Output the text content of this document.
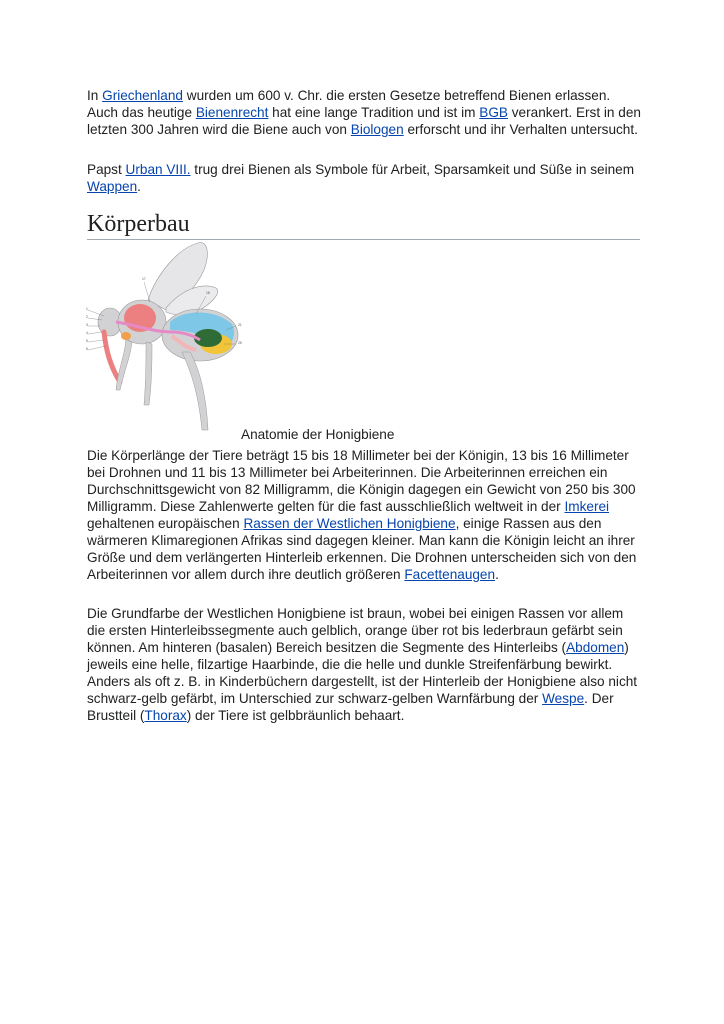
In Griechenland wurden um 600 v. Chr. die ersten Gesetze betreffend Bienen erlassen. Auch das heutige Bienenrecht hat eine lange Tradition und ist im BGB verankert. Erst in den letzten 300 Jahren wird die Biene auch von Biologen erforscht und ihr Verhalten untersucht.

Papst Urban VIII. trug drei Bienen als Symbole für Arbeit, Sparsamkeit und Süße in seinem Wappen.

Körperbau
1
2
3
4
5
6
17
18
21
25
Anatomie der Honigbiene

Die Körperlänge der Tiere beträgt 15 bis 18 Millimeter bei der Königin, 13 bis 16 Millimeter bei Drohnen und 11 bis 13 Millimeter bei Arbeiterinnen. Die Arbeiterinnen erreichen ein Durchschnittsgewicht von 82 Milligramm, die Königin dagegen ein Gewicht von 250 bis 300 Milligramm. Diese Zahlenwerte gelten für die fast ausschließlich weltweit in der Imkerei gehaltenen europäischen Rassen der Westlichen Honigbiene, einige Rassen aus den wärmeren Klimaregionen Afrikas sind dagegen kleiner. Man kann die Königin leicht an ihrer Größe und dem verlängerten Hinterleib erkennen. Die Drohnen unterscheiden sich von den Arbeiterinnen vor allem durch ihre deutlich größeren Facettenaugen.

Die Grundfarbe der Westlichen Honigbiene ist braun, wobei bei einigen Rassen vor allem die ersten Hinterleibssegmente auch gelblich, orange über rot bis lederbraun gefärbt sein können. Am hinteren (basalen) Bereich besitzen die Segmente des Hinterleibs (Abdomen) jeweils eine helle, filzartige Haarbinde, die die helle und dunkle Streifenfärbung bewirkt. Anders als oft z. B. in Kinderbüchern dargestellt, ist der Hinterleib der Honigbiene also nicht schwarz-gelb gefärbt, im Unterschied zur schwarz-gelben Warnfärbung der Wespe. Der Brustteil (Thorax) der Tiere ist gelbbräunlich behaart.
